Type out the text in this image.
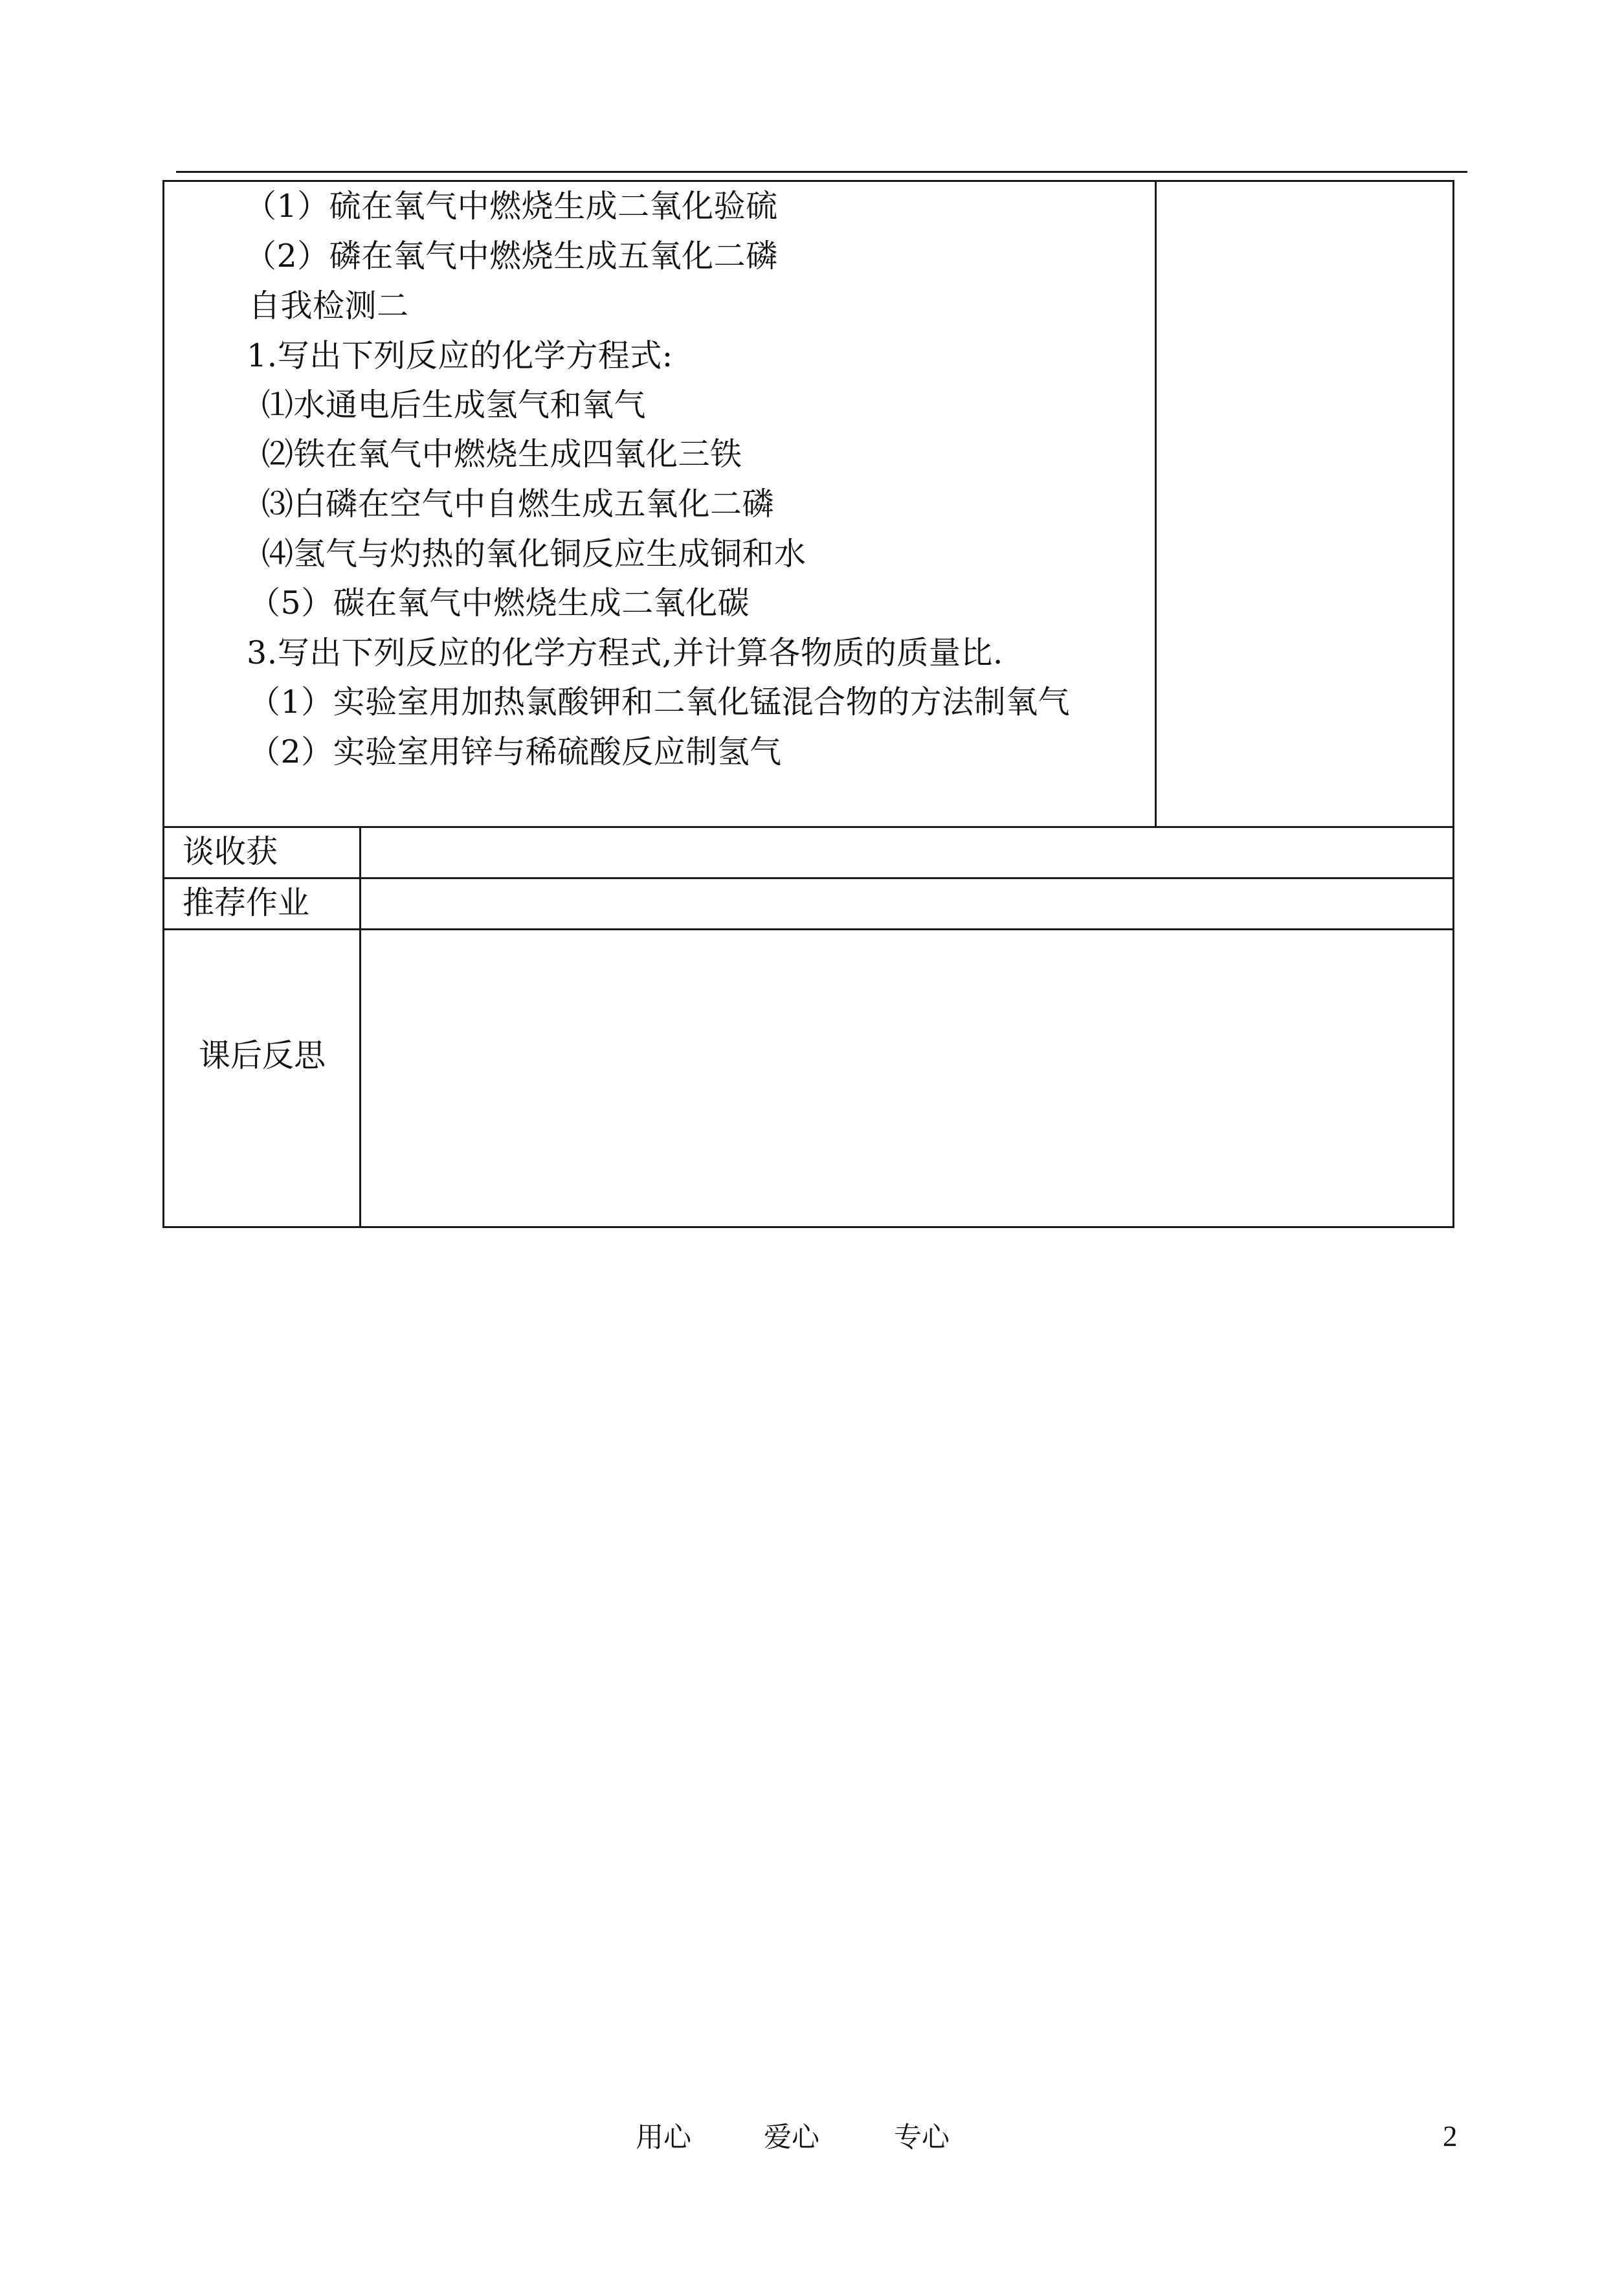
（1）硫在氧气中燃烧生成二氧化验硫
（2）磷在氧气中燃烧生成五氧化二磷
自我检测二
1.写出下列反应的化学方程式:
⑴水通电后生成氢气和氧气
⑵铁在氧气中燃烧生成四氧化三铁
⑶白磷在空气中自燃生成五氧化二磷
⑷氢气与灼热的氧化铜反应生成铜和水
（5）碳在氧气中燃烧生成二氧化碳
3.写出下列反应的化学方程式,并计算各物质的质量比.
（1）实验室用加热氯酸钾和二氧化锰混合物的方法制氧气
（2）实验室用锌与稀硫酸反应制氢气
谈收获
推荐作业
课后反思
用心	爱心	专心	2
